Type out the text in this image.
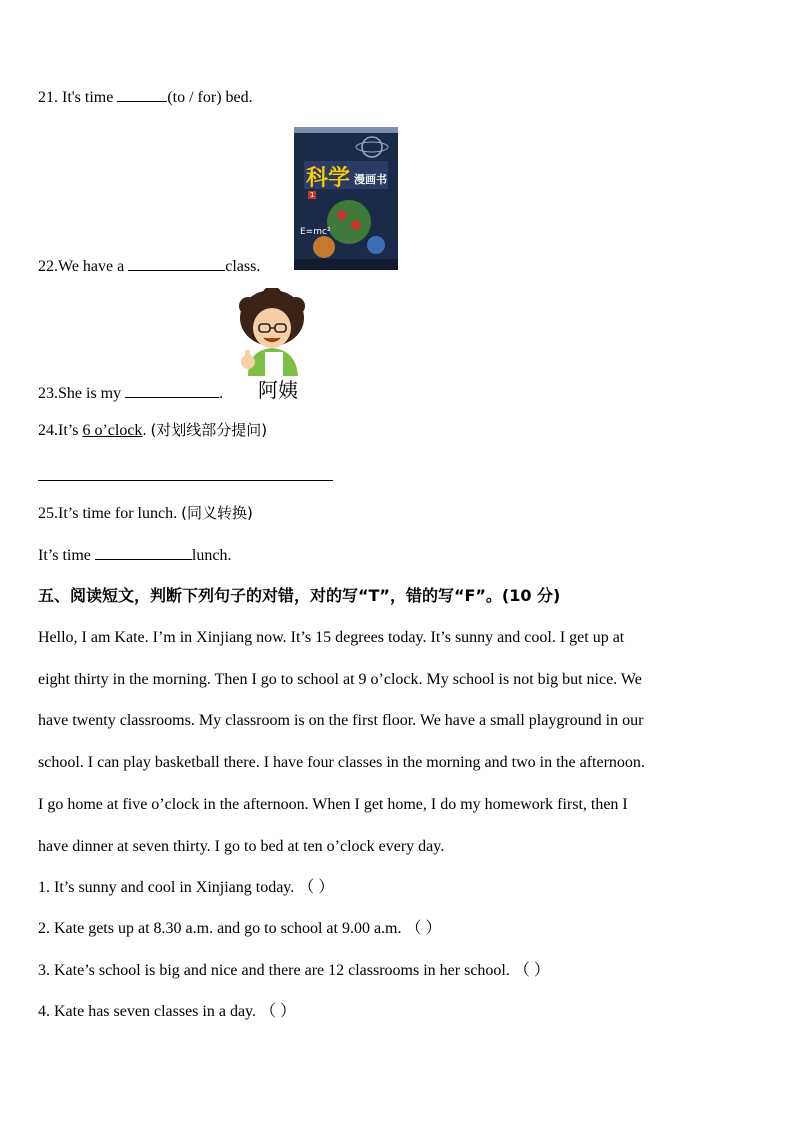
21. It's time	(to / for) bed.
科学 漫画书
1
E=mc²
22.We have a	class.
阿姨
23.She is my	.
24.It’s 6 o’clock. (对划线部分提问)
25.It’s time for lunch. (同义转换)
It’s time	lunch.
五、阅读短文，判断下列句子的对错，对的写“T”，错的写“F”。(10 分)
Hello, I am Kate. I’m in Xinjiang now. It’s 15 degrees today. It’s sunny and cool. I get up at
eight thirty in the morning. Then I go to school at 9 o’clock. My school is not big but nice. We
have twenty classrooms. My classroom is on the first floor. We have a small playground in our
school. I can play basketball there. I have four classes in the morning and two in the afternoon.
I go home at five o’clock in the afternoon. When I get home, I do my homework first, then I
have dinner at seven thirty. I go to bed at ten o’clock every day.
1. It’s sunny and cool in Xinjiang today. （ ）
2. Kate gets up at 8.30 a.m. and go to school at 9.00 a.m. （ ）
3. Kate’s school is big and nice and there are 12 classrooms in her school. （ ）
4. Kate has seven classes in a day. （ ）
